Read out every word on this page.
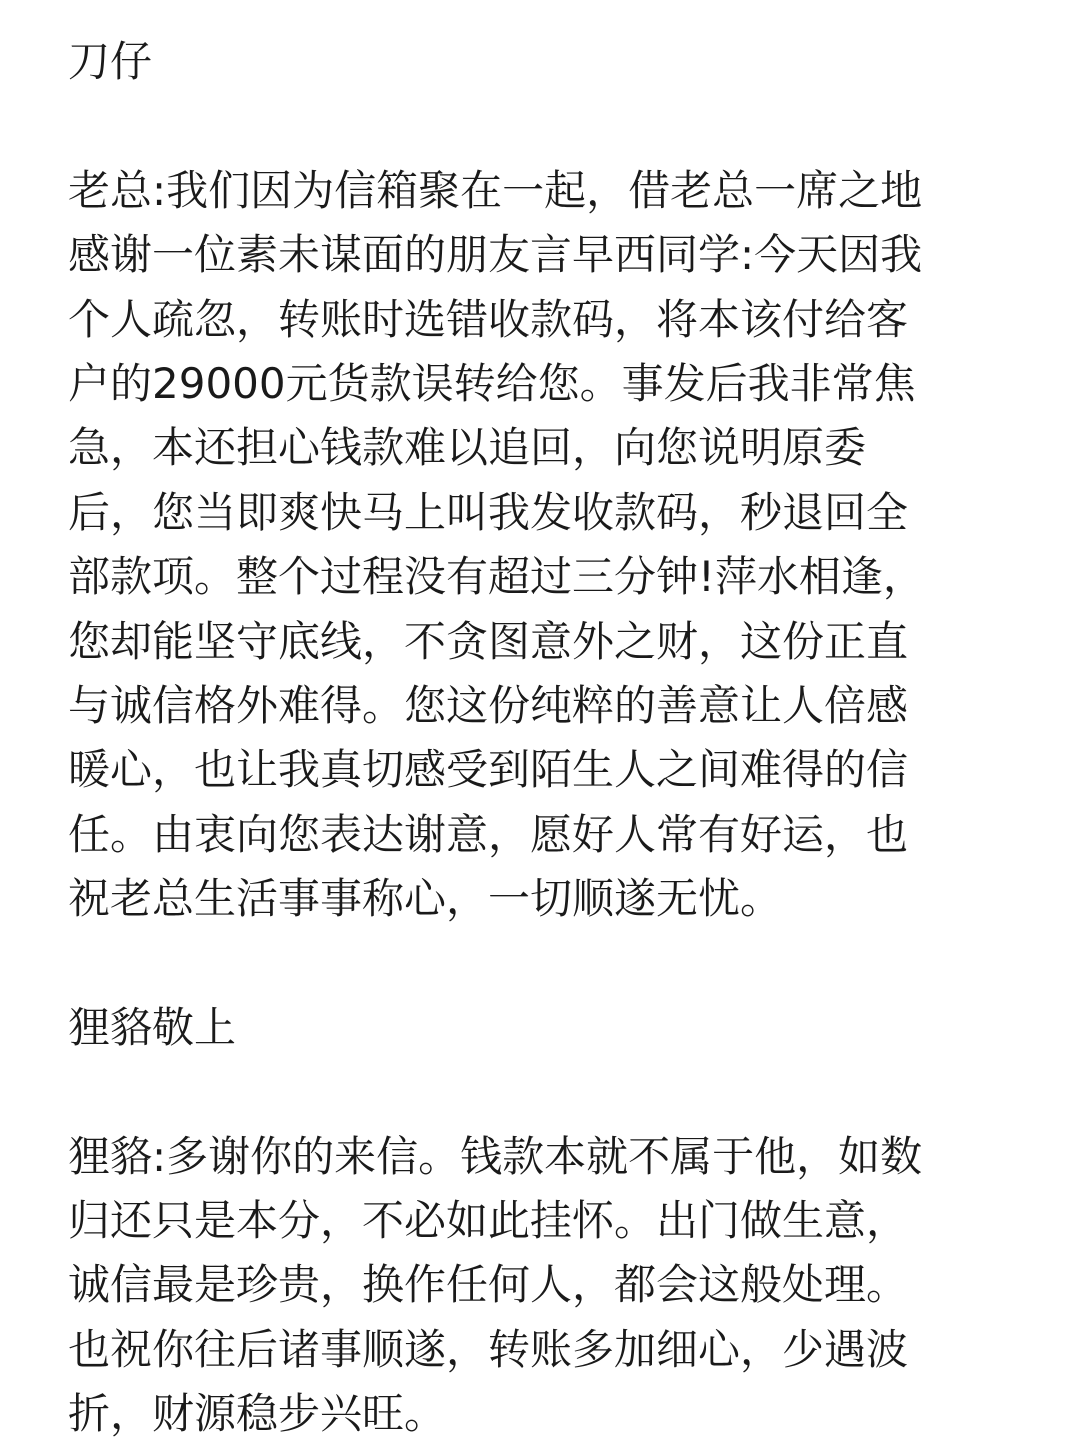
刀仔
老总:我们因为信箱聚在一起，借老总一席之地
感谢一位素未谋面的朋友言早西同学:今天因我
个人疏忽，转账时选错收款码，将本该付给客
户的29000元货款误转给您。事发后我非常焦
急，本还担心钱款难以追回，向您说明原委
后，您当即爽快马上叫我发收款码，秒退回全
部款项。整个过程没有超过三分钟!萍水相逢，
您却能坚守底线，不贪图意外之财，这份正直
与诚信格外难得。您这份纯粹的善意让人倍感
暖心，也让我真切感受到陌生人之间难得的信
任。由衷向您表达谢意，愿好人常有好运，也
祝老总生活事事称心，一切顺遂无忧。
狸貉敬上
狸貉:多谢你的来信。钱款本就不属于他，如数
归还只是本分，不必如此挂怀。出门做生意，
诚信最是珍贵，换作任何人，都会这般处理。
也祝你往后诸事顺遂，转账多加细心，少遇波
折，财源稳步兴旺。
